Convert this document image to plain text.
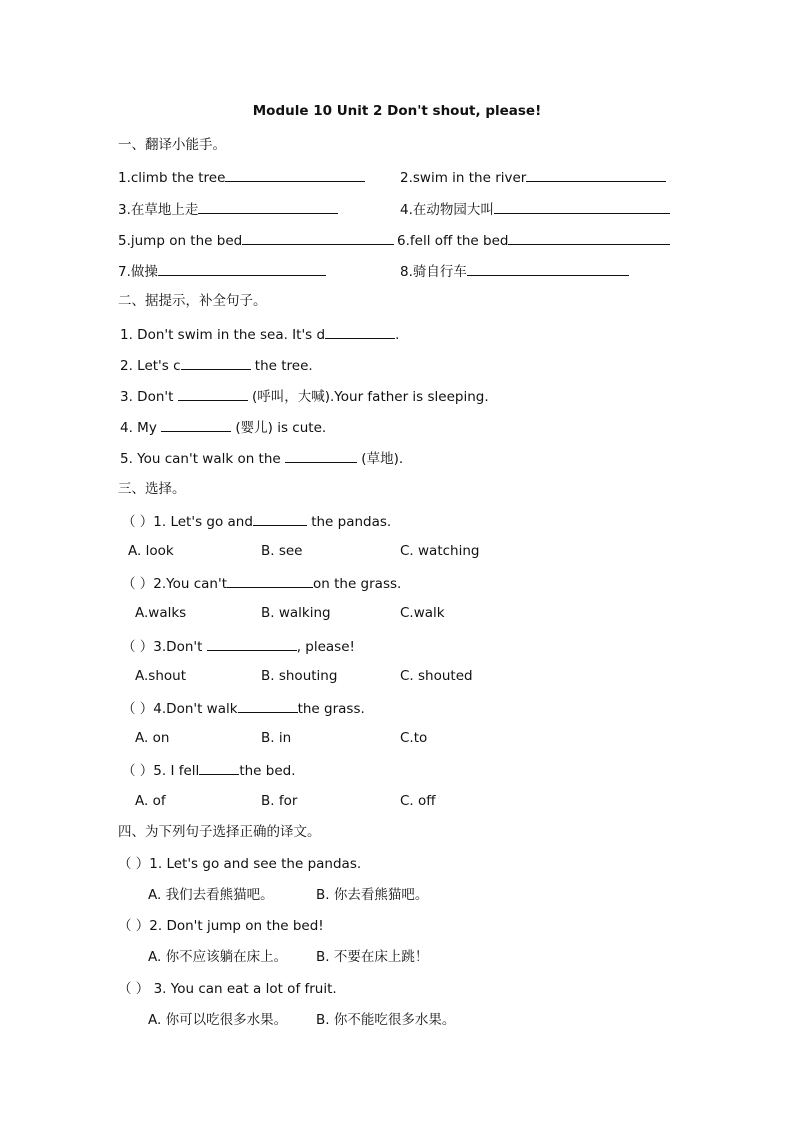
Module 10 Unit 2 Don't shout, please!
一、翻译小能手。
1.climb the tree	2.swim in the river
3.在草地上走	4.在动物园大叫
5.jump on the bed	6.fell off the bed
7.做操	8.骑自行车
二、据提示，补全句子。
1. Don't swim in the sea. It's d	.
2. Let's c	the tree.
3. Don't	(呼叫，大喊).Your father is sleeping.
4. My	(婴儿) is cute.
5. You can't walk on the	(草地).
三、选择。
（ ）1. Let's go and	the pandas.
A. look	B. see	C. watching
（ ）2.You can't	on the grass.
A.walks	B. walking	C.walk
（ ）3.Don't	, please!
A.shout	B. shouting	C. shouted
（ ）4.Don't walk	the grass.
A. on	B. in	C.to
（ ）5. I fell	the bed.
A. of	B. for	C. off
四、为下列句子选择正确的译文。
（ ）1. Let's go and see the pandas.
A. 我们去看熊猫吧。	B. 你去看熊猫吧。
（ ）2. Don't jump on the bed!
A. 你不应该躺在床上。 B. 不要在床上跳！
（ ） 3. You can eat a lot of fruit.
A. 你可以吃很多水果。 B. 你不能吃很多水果。
